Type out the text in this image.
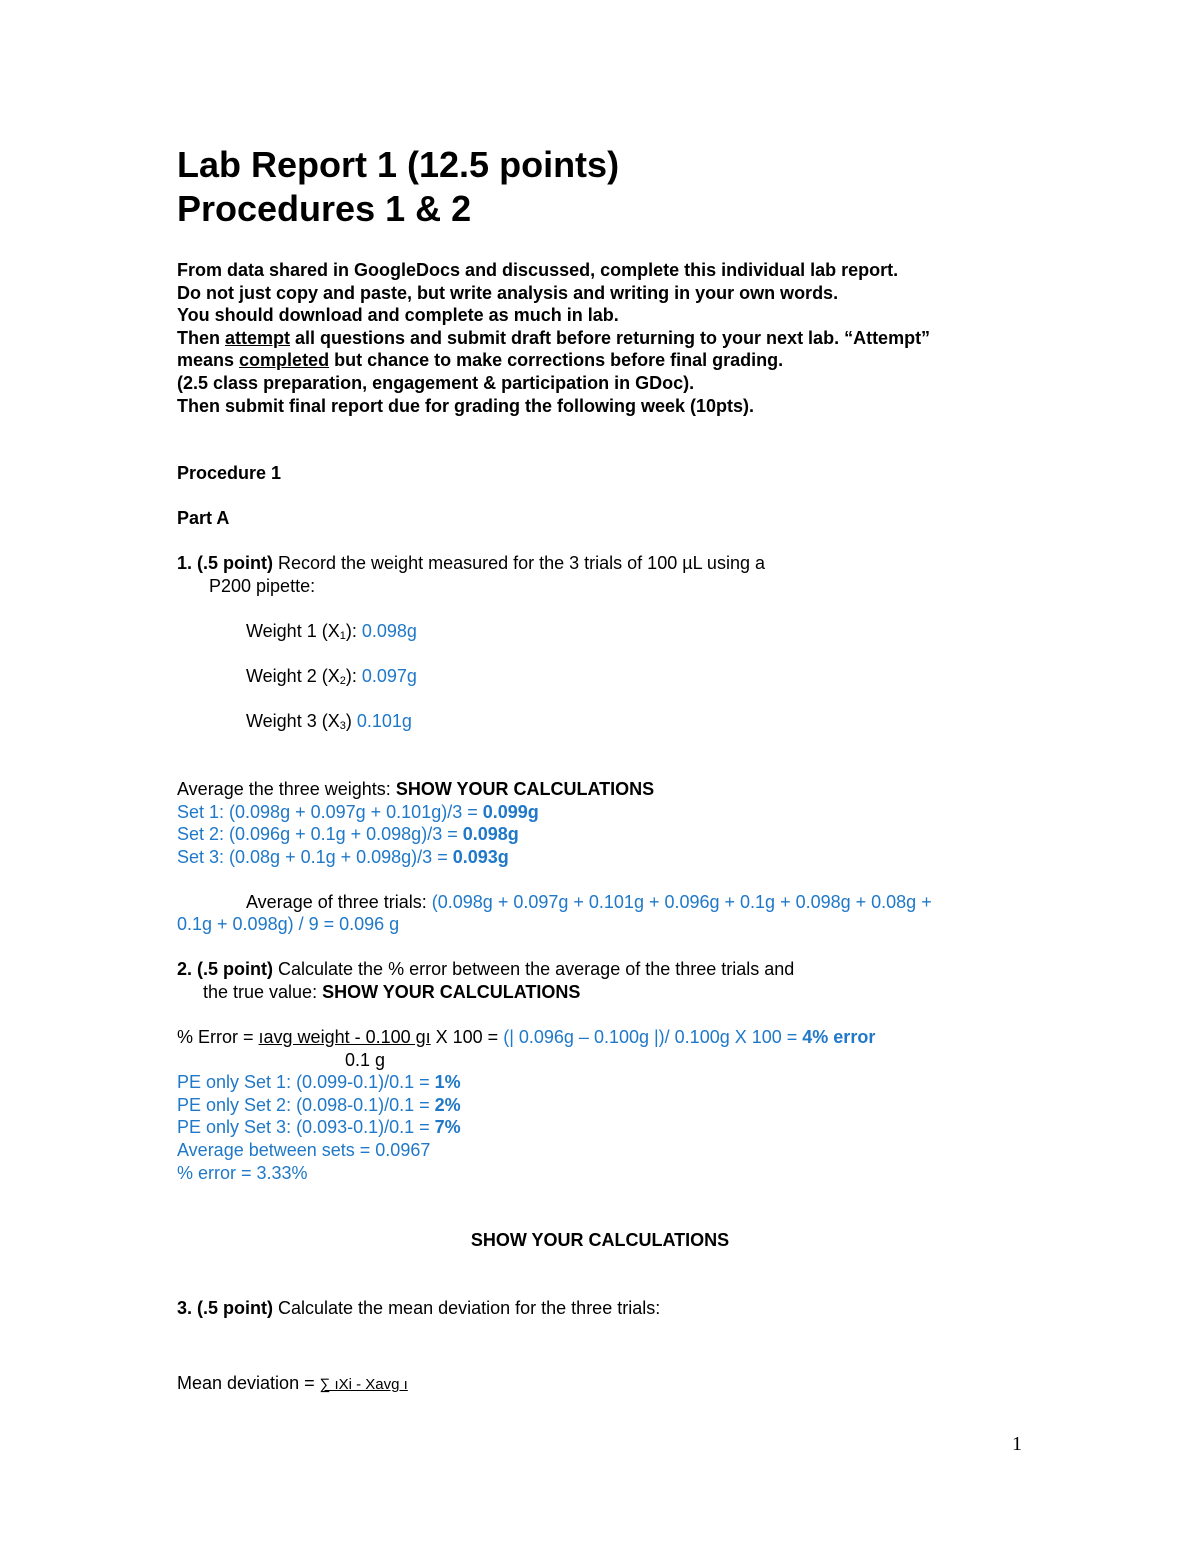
Lab Report 1 (12.5 points)
Procedures 1 & 2
From data shared in GoogleDocs and discussed, complete this individual lab report.
Do not just copy and paste, but write analysis and writing in your own words.
You should download and complete as much in lab.
Then attempt all questions and submit draft before returning to your next lab. “Attempt”
means completed but chance to make corrections before final grading.
(2.5 class preparation, engagement & participation in GDoc).
Then submit final report due for grading the following week (10pts).
Procedure 1
Part A
1. (.5 point) Record the weight measured for the 3 trials of 100 µL using a
P200 pipette:
Weight 1 $(X_1)$: 0.098g
Weight 2 $(X_2)$: 0.097g
Weight 3 $(X_3)$ 0.101g
Average the three weights: SHOW YOUR CALCULATIONS
Set 1: (0.098g + 0.097g + 0.101g)/3 = 0.099g
Set 2: (0.096g + 0.1g + 0.098g)/3 = 0.098g
Set 3: (0.08g + 0.1g + 0.098g)/3 = 0.093g
Average of three trials: (0.098g + 0.097g + 0.101g + 0.096g + 0.1g + 0.098g + 0.08g +
0.1g + 0.098g) / 9 = 0.096 g
2. (.5 point) Calculate the % error between the average of the three trials and
the true value: SHOW YOUR CALCULATIONS
% Error = ıavg weight - 0.100 gı X 100 = (| 0.096g – 0.100g |)/ 0.100g X 100 = 4% error
0.1 g
PE only Set 1: (0.099-0.1)/0.1 = 1%
PE only Set 2: (0.098-0.1)/0.1 = 2%
PE only Set 3: (0.093-0.1)/0.1 = 7%
Average between sets = 0.0967
% error = 3.33%
SHOW YOUR CALCULATIONS
3. (.5 point) Calculate the mean deviation for the three trials:
Mean deviation = ∑ ıXi - Xavg ı
1
